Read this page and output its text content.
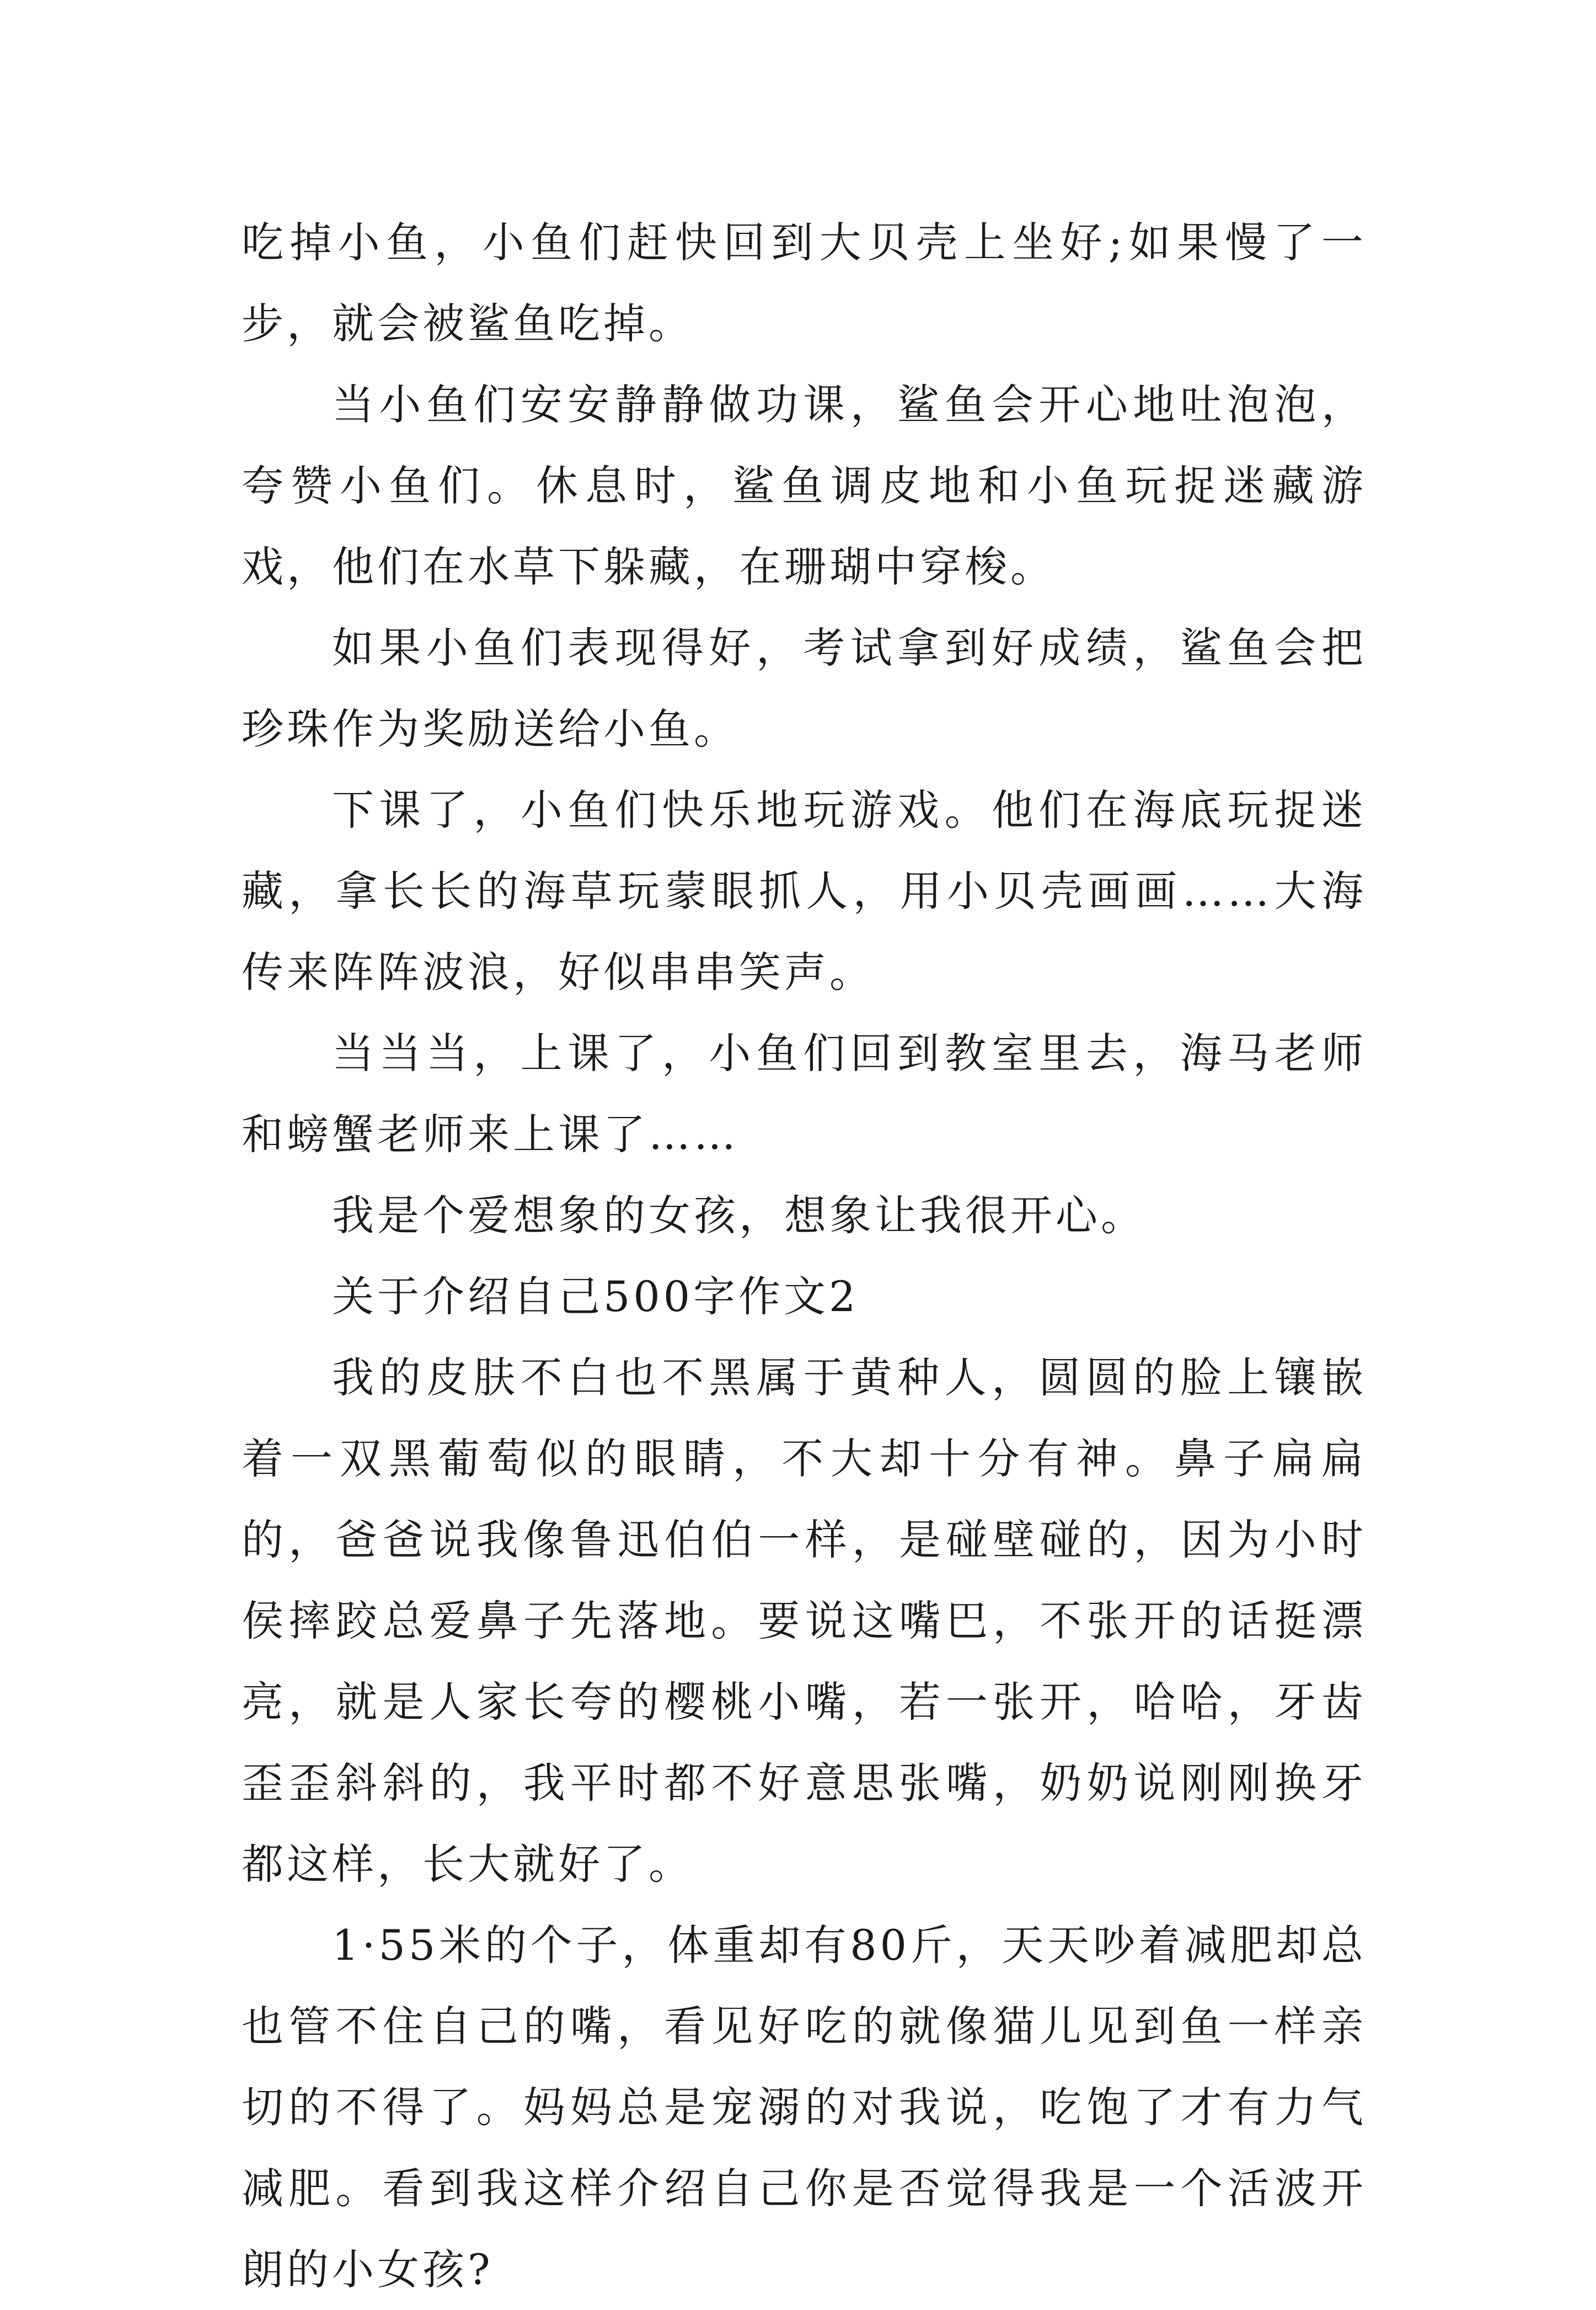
吃掉小鱼，小鱼们赶快回到大贝壳上坐好;如果慢了一步，就会被鲨鱼吃掉。

当小鱼们安安静静做功课，鲨鱼会开心地吐泡泡，夸赞小鱼们。休息时，鲨鱼调皮地和小鱼玩捉迷藏游戏，他们在水草下躲藏，在珊瑚中穿梭。

如果小鱼们表现得好，考试拿到好成绩，鲨鱼会把珍珠作为奖励送给小鱼。

下课了，小鱼们快乐地玩游戏。他们在海底玩捉迷藏，拿长长的海草玩蒙眼抓人，用小贝壳画画……大海传来阵阵波浪，好似串串笑声。

当当当，上课了，小鱼们回到教室里去，海马老师和螃蟹老师来上课了……

我是个爱想象的女孩，想象让我很开心。

关于介绍自己500字作文2

我的皮肤不白也不黑属于黄种人，圆圆的脸上镶嵌着一双黑葡萄似的眼睛，不大却十分有神。鼻子扁扁的，爸爸说我像鲁迅伯伯一样，是碰壁碰的，因为小时侯摔跤总爱鼻子先落地。要说这嘴巴，不张开的话挺漂亮，就是人家长夸的樱桃小嘴，若一张开，哈哈，牙齿歪歪斜斜的，我平时都不好意思张嘴，奶奶说刚刚换牙都这样，长大就好了。

1·55米的个子，体重却有80斤，天天吵着减肥却总也管不住自己的嘴，看见好吃的就像猫儿见到鱼一样亲切的不得了。妈妈总是宠溺的对我说，吃饱了才有力气减肥。看到我这样介绍自己你是否觉得我是一个活波开朗的小女孩?
